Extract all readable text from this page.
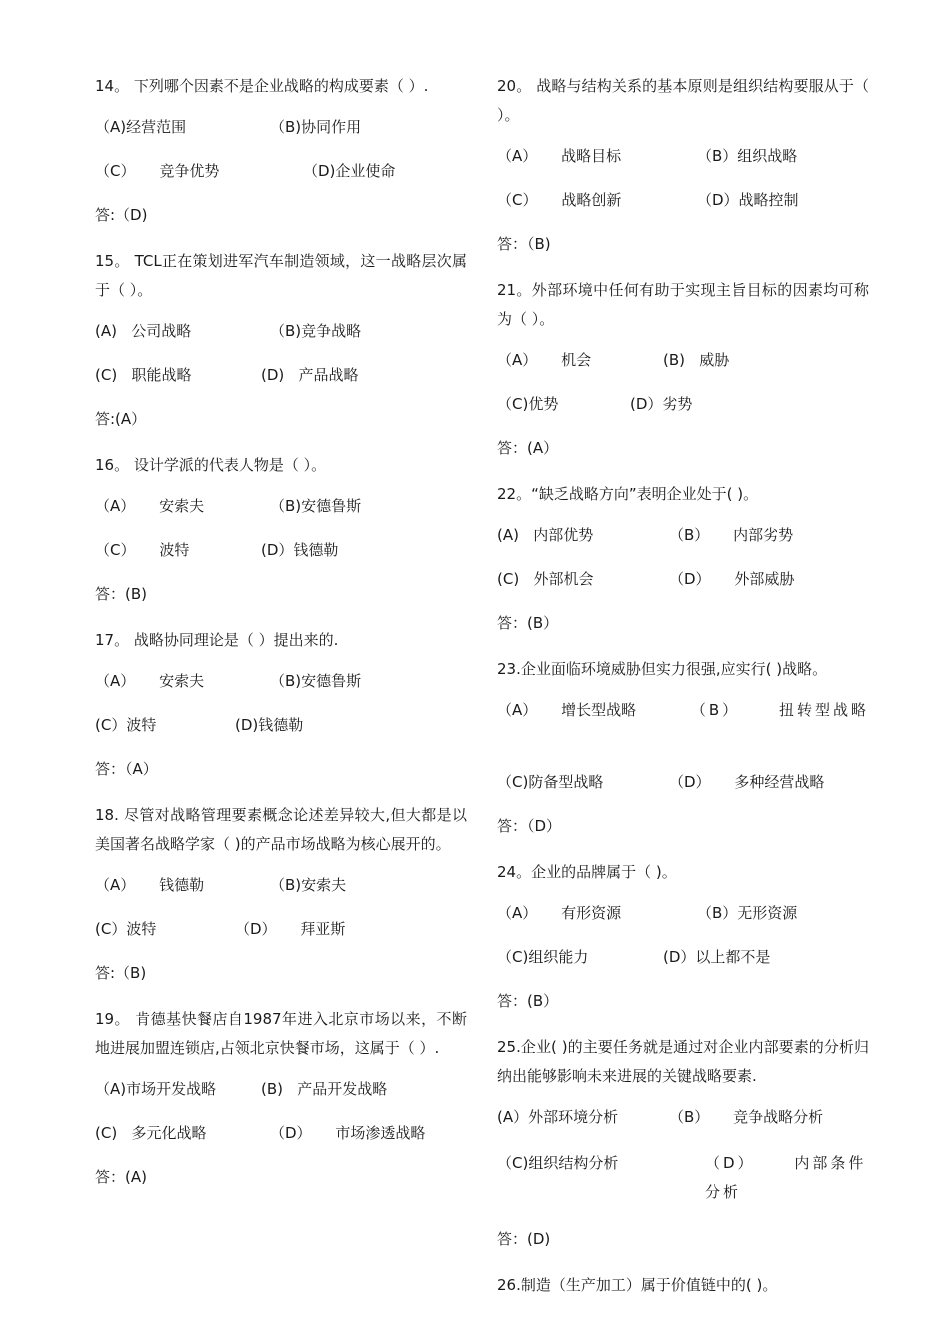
14。 下列哪个因素不是企业战略的构成要素（ ）.

（A)经营范围	（B)协同作用
（C）     竞争优势	（D)企业使命
答:（D)

15。 TCL正在策划进军汽车制造领域，这一战略层次属于（ ）。

(A)   公司战略	（B)竞争战略
(C)   职能战略	(D)   产品战略
答:(A）

16。 设计学派的代表人物是（ ）。

（A）     安索夫	（B)安德鲁斯
（C）     波特	(D）钱德勒
答：(B)

17。 战略协同理论是（ ）提出来的.

（A）     安索夫	（B)安德鲁斯
(C）波特	(D)钱德勒
答：（A）

18. 尽管对战略管理要素概念论述差异较大,但大都是以美国著名战略学家（ )的产品市场战略为核心展开的。

（A）     钱德勒	（B)安索夫
(C）波特	（D）     拜亚斯
答:（B)

19。 肯德基快餐店自1987年进入北京市场以来，不断地进展加盟连锁店,占领北京快餐市场，这属于（ ）.

（A)市场开发战略	(B)   产品开发战略
(C)   多元化战略	（D）     市场渗透战略
答：(A)

20。 战略与结构关系的基本原则是组织结构要服从于（ ）。

（A）     战略目标	（B）组织战略
（C）     战略创新	（D）战略控制
答：（B)

21。外部环境中任何有助于实现主旨目标的因素均可称为（ ）。

（A）     机会	(B)   威胁
（C)优势	(D）劣势
答：(A）

22。“缺乏战略方向”表明企业处于( )。

(A)   内部优势	（B）     内部劣势
(C)   外部机会	（D）     外部威胁
答：(B）

23.企业面临环境威胁但实力很强,应实行( )战略。

（A）     增长型战略	（B）     扭转型战略
（C)防备型战略	（D）     多种经营战略
答：（D）

24。企业的品牌属于（ )。

（A）     有形资源	（B）无形资源
（C)组织能力	(D）以上都不是
答：(B）

25.企业( )的主要任务就是通过对企业内部要素的分析归纳出能够影响未来进展的关键战略要素.

(A）外部环境分析	（B）     竞争战略分析
（C)组织结构分析	（D）     内部条件分析
答：(D)

26.制造（生产加工）属于价值链中的( )。
